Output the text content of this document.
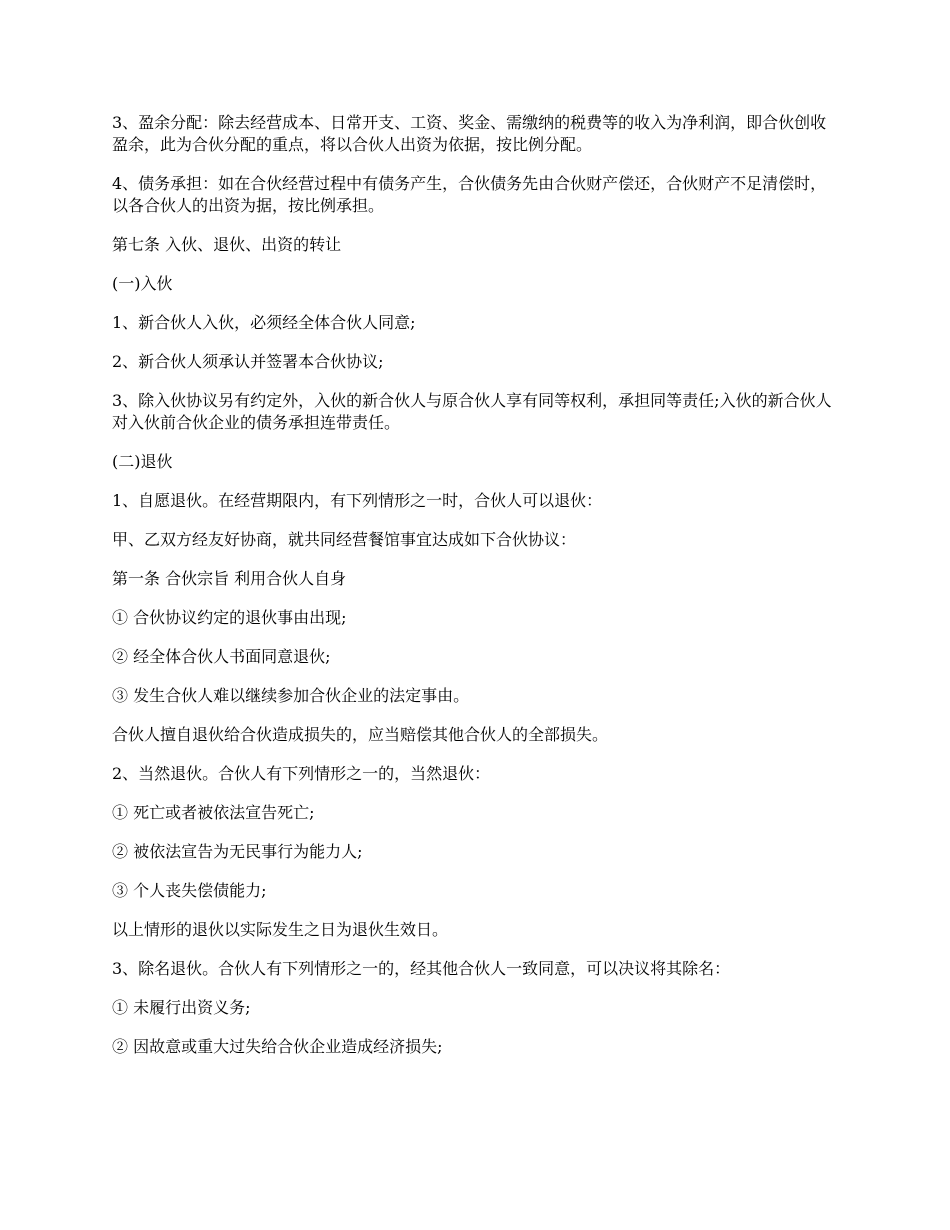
3、盈余分配：除去经营成本、日常开支、工资、奖金、需缴纳的税费等的收入为净利润，即合伙创收盈余，此为合伙分配的重点，将以合伙人出资为依据，按比例分配。

4、债务承担：如在合伙经营过程中有债务产生，合伙债务先由合伙财产偿还，合伙财产不足清偿时，以各合伙人的出资为据，按比例承担。

第七条 入伙、退伙、出资的转让

(一)入伙

1、新合伙人入伙，必须经全体合伙人同意;

2、新合伙人须承认并签署本合伙协议;

3、除入伙协议另有约定外，入伙的新合伙人与原合伙人享有同等权利，承担同等责任;入伙的新合伙人对入伙前合伙企业的债务承担连带责任。

(二)退伙

1、自愿退伙。在经营期限内，有下列情形之一时，合伙人可以退伙：

甲、乙双方经友好协商，就共同经营餐馆事宜达成如下合伙协议：

第一条 合伙宗旨 利用合伙人自身

① 合伙协议约定的退伙事由出现;

② 经全体合伙人书面同意退伙;

③ 发生合伙人难以继续参加合伙企业的法定事由。

合伙人擅自退伙给合伙造成损失的，应当赔偿其他合伙人的全部损失。

2、当然退伙。合伙人有下列情形之一的，当然退伙：

① 死亡或者被依法宣告死亡;

② 被依法宣告为无民事行为能力人;

③ 个人丧失偿债能力;

以上情形的退伙以实际发生之日为退伙生效日。

3、除名退伙。合伙人有下列情形之一的，经其他合伙人一致同意，可以决议将其除名：

① 未履行出资义务;

② 因故意或重大过失给合伙企业造成经济损失;
